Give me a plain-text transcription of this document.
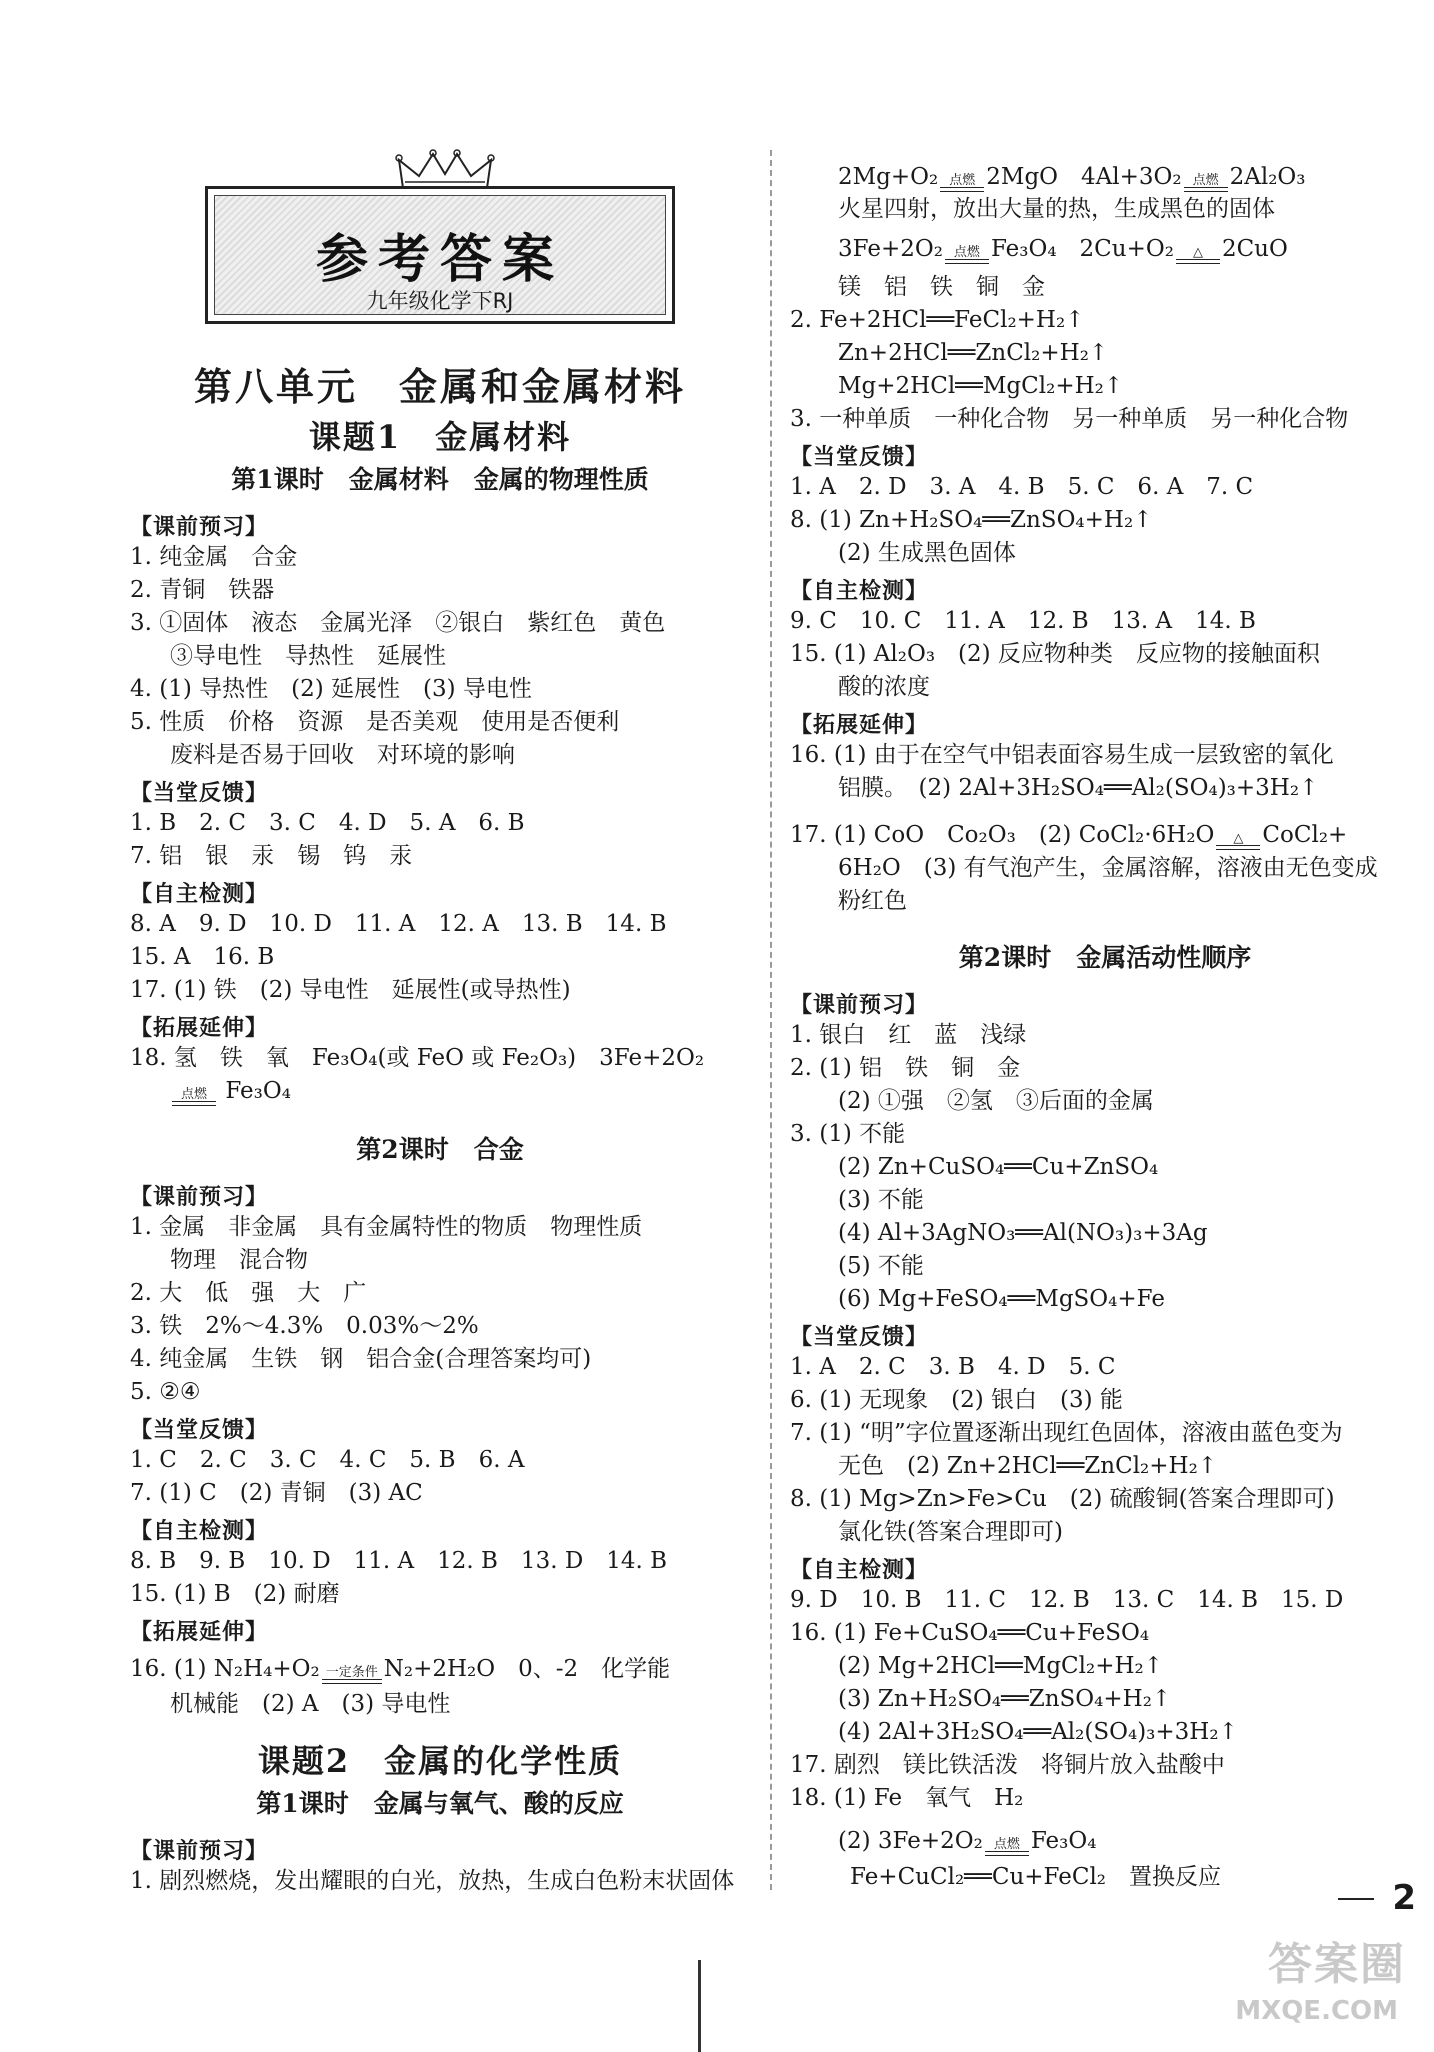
参考答案
九年级化学下RJ
第八单元　金属和金属材料
课题1　金属材料
第1课时　金属材料　金属的物理性质
【课前预习】
1. 纯金属　合金
2. 青铜　铁器
3. ①固体　液态　金属光泽　②银白　紫红色　黄色
③导电性　导热性　延展性
4. (1) 导热性　(2) 延展性　(3) 导电性
5. 性质　价格　资源　是否美观　使用是否便利
废料是否易于回收　对环境的影响
【当堂反馈】
1. B　2. C　3. C　4. D　5. A　6. B
7. 铝　银　汞　锡　钨　汞
【自主检测】
8. A　9. D　10. D　11. A　12. A　13. B　14. B
15. A　16. B
17. (1) 铁　(2) 导电性　延展性(或导热性)
【拓展延伸】
18. 氢　铁　氧　Fe₃O₄(或 FeO 或 Fe₂O₃)　3Fe+2O₂
点燃 Fe₃O₄
第2课时　合金
【课前预习】
1. 金属　非金属　具有金属特性的物质　物理性质
物理　混合物
2. 大　低　强　大　广
3. 铁　2%～4.3%　0.03%～2%
4. 纯金属　生铁　钢　铝合金(合理答案均可)
5. ②④
【当堂反馈】
1. C　2. C　3. C　4. C　5. B　6. A
7. (1) C　(2) 青铜　(3) AC
【自主检测】
8. B　9. B　10. D　11. A　12. B　13. D　14. B
15. (1) B　(2) 耐磨
【拓展延伸】
16. (1) N₂H₄+O₂ 一定条件 N₂+2H₂O　0、-2　化学能
机械能　(2) A　(3) 导电性
课题2　金属的化学性质
第1课时　金属与氧气、酸的反应
【课前预习】
1. 剧烈燃烧，发出耀眼的白光，放热，生成白色粉末状固体
2Mg+O₂ 点燃 2MgO　4Al+3O₂ 点燃 2Al₂O₃
火星四射，放出大量的热，生成黑色的固体
3Fe+2O₂ 点燃 Fe₃O₄　2Cu+O₂	△ 2CuO
镁　铝　铁　铜　金
2. Fe+2HCl══FeCl₂+H₂↑
Zn+2HCl══ZnCl₂+H₂↑
Mg+2HCl══MgCl₂+H₂↑
3. 一种单质　一种化合物　另一种单质　另一种化合物
【当堂反馈】
1. A　2. D　3. A　4. B　5. C　6. A　7. C
8. (1) Zn+H₂SO₄══ZnSO₄+H₂↑
(2) 生成黑色固体
【自主检测】
9. C　10. C　11. A　12. B　13. A　14. B
15. (1) Al₂O₃　(2) 反应物种类　反应物的接触面积
酸的浓度
【拓展延伸】
16. (1) 由于在空气中铝表面容易生成一层致密的氧化
铝膜。　(2) 2Al+3H₂SO₄══Al₂(SO₄)₃+3H₂↑
17. (1) CoO　Co₂O₃　(2) CoCl₂·6H₂O	△ CoCl₂+
6H₂O　(3) 有气泡产生，金属溶解，溶液由无色变成
粉红色
第2课时　金属活动性顺序
【课前预习】
1. 银白　红　蓝　浅绿
2. (1) 铝　铁　铜　金
(2) ①强　②氢　③后面的金属
3. (1) 不能
(2) Zn+CuSO₄══Cu+ZnSO₄
(3) 不能
(4) Al+3AgNO₃══Al(NO₃)₃+3Ag
(5) 不能
(6) Mg+FeSO₄══MgSO₄+Fe
【当堂反馈】
1. A　2. C　3. B　4. D　5. C
6. (1) 无现象　(2) 银白　(3) 能
7. (1) “明”字位置逐渐出现红色固体，溶液由蓝色变为
无色　(2) Zn+2HCl══ZnCl₂+H₂↑
8. (1) Mg>Zn>Fe>Cu　(2) 硫酸铜(答案合理即可)
氯化铁(答案合理即可)
【自主检测】
9. D　10. B　11. C　12. B　13. C　14. B　15. D
16. (1) Fe+CuSO₄══Cu+FeSO₄
(2) Mg+2HCl══MgCl₂+H₂↑
(3) Zn+H₂SO₄══ZnSO₄+H₂↑
(4) 2Al+3H₂SO₄══Al₂(SO₄)₃+3H₂↑
17. 剧烈　镁比铁活泼　将铜片放入盐酸中
18. (1) Fe　氧气　H₂
(2) 3Fe+2O₂ 点燃 Fe₃O₄
Fe+CuCl₂══Cu+FeCl₂　置换反应
2
答案圈
MXQE.COM
